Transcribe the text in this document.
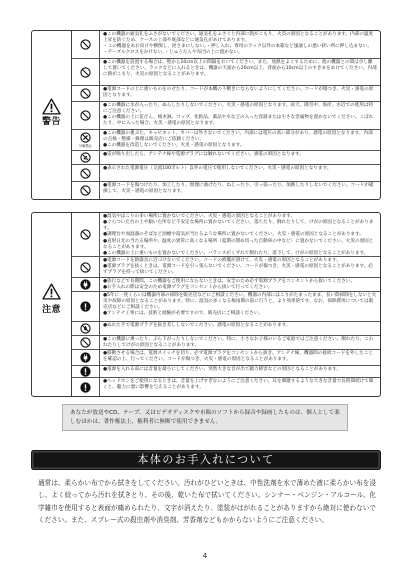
警告
●この機器の通気孔をふさがないでください。通気孔をふさぐと内部に熱がこもり、火災の原因となることがあります。内部の温度上昇を防ぐため、ケースの上部や底部などに通気孔があけてあります。
・この機器をあお向けや横倒し、逆さまにしない。・押し入れ、専用のラック以外の本箱など風通しの悪い狭い所に押し込まない。
・テーブルクロスをかけない。・じゅうたんや布団の上に置かない。
●この機器を設置する場合は、壁から10cm以上の間隔をおいてください。また、放熱をよくするために、他の機器との間は少し離して置いてください。ラックなどに入れるときは、機器の天面から20cm以上、背面から10cm以上のすきまをあけてください。内部に熱がこもり、火災の原因となることがあります。
●電源コードの上に重いものをのせたり、コードが本機の下敷きにならないようにしてください。コードが傷つき、火災・感電の原因となります。
●この機器に水が入ったり、ぬらしたりしないでください。火災・感電の原因となります。雨天、降雪中、海岸、水辺での使用は特にご注意ください。
●この機器の上に花びん、植木鉢、コップ、化粧品、薬品や水などの入った容器または小さな金属物を置かないでください。こぼれたり、中に入った場合、火災・感電の原因となります。
分解禁止
●この機器の裏ぶた、キャビネット、カバーは外さないでください。内部には電圧の高い部分があり、感電の原因となります。内部の点検・整備・修理は販売店にご依頼ください。
●この機器を改造しないでください。火災・感電の原因となります。
●雷が鳴り出したら、アンテナ線や電源プラグには触れないでください。感電の原因となります。
●表示された電源電圧（交流100ボルト）以外の電圧で使用しないでください。火災・感電の原因となります。
●電源コードを傷つけたり、加工したり、無理に曲げたり、ねじったり、引っ張ったり、加熱したりしないでください。コードが破損して、火災・感電の原因となります。
注意
●湿気やほこりの多い場所に置かないでください。火災・感電の原因となることがあります。
●ぐらついた台の上や傾いた所など不安定な場所に置かないでください。落ちたり、倒れたりして、けがの原因となることがあります。
●調理台や加湿器のそばなど油煙や湯気が当たるような場所に置かないでください。火災・感電の原因となることがあります。
●直射日光の当たる場所や、温度の異常に高くなる場所（夏期の閉め切った自動車の中など）に置かないでください。火災の原因となることがあります。
●この機器の上に重いものを置かないでください。バランスがくずれて倒れたり、落下して、けがの原因となることがあります。
●電源コードを熱器具に近づけないでください。コードの被覆が溶けて、火災・感電の原因となることがあります。
●電源プラグを抜くときは、電源コードを引っ張らないでください。コードが傷つき、火災・感電の原因となることがあります。必ずプラグを持って抜いてください。
●旅行などで長期間、この機器をご使用にならないときは、安全のため必ず電源プラグをコンセントから抜いてください。
●お手入れの際は安全のため電源プラグをコンセントから抜いて行ってください。
●5年に一度くらいは機器内部の掃除を販売店などにご相談ください。機器の内部にほこりがたまったまま、長い間掃除をしないと火災や故障の原因となることがあります。特に、湿気の多くなる梅雨期の前に行うと、より効果的です。なお、掃除費用については販売店などにご相談ください。
●アンテナ工事には、技術と経験が必要ですので、販売店にご相談ください。
●ぬれた手で電源プラグを抜き差ししないでください。感電の原因となることがあります。
●この機器に乗ったり、ぶら下がったりしないでください。特に、小さなお子様のいるご家庭ではご注意ください。倒れたり、こわれたりしてけがの原因となることがあります。
●移動させる場合は、電源スイッチを切り、必ず電源プラグをコンセントから抜き、アンテナ線、機器間の接続コードを外したことを確認の上、行ってください。コードが傷つき、火災・感電の原因となることがあります。
●電源を入れる前には音量を最小にしてください。突然大きな音が出て聴力障害などの原因となることがあります。
●ヘッドホンをご使用になるときは、音量を上げすぎないようにご注意ください。耳を刺激するような大きな音量で長時間続けて聞くと、聴力に悪い影響を与えることがあります。
あなたが放送やCD、テープ、又はビデオディスクや市販のソフトから録音や録画したものは、個人として楽しむほかは、著作権法上、権利者に無断で使用できません。
本体のお手入れについて
通常は、柔らかい布でから拭きをしてください。汚れがひどいときは、中性洗剤を水で薄めた液に柔らかい布を浸し、よく絞ってから汚れを拭きとり、その後、乾いた布で拭いてください。シンナー・ベンジン・アルコール、化学雑巾を使用すると表面が痛められたり、文字が消えたり、塗装がはがれることがありますから絶対に使わないでください。また、スプレー式の殺虫剤や消臭剤、芳香剤などもかからないようにご注意ください。
4
